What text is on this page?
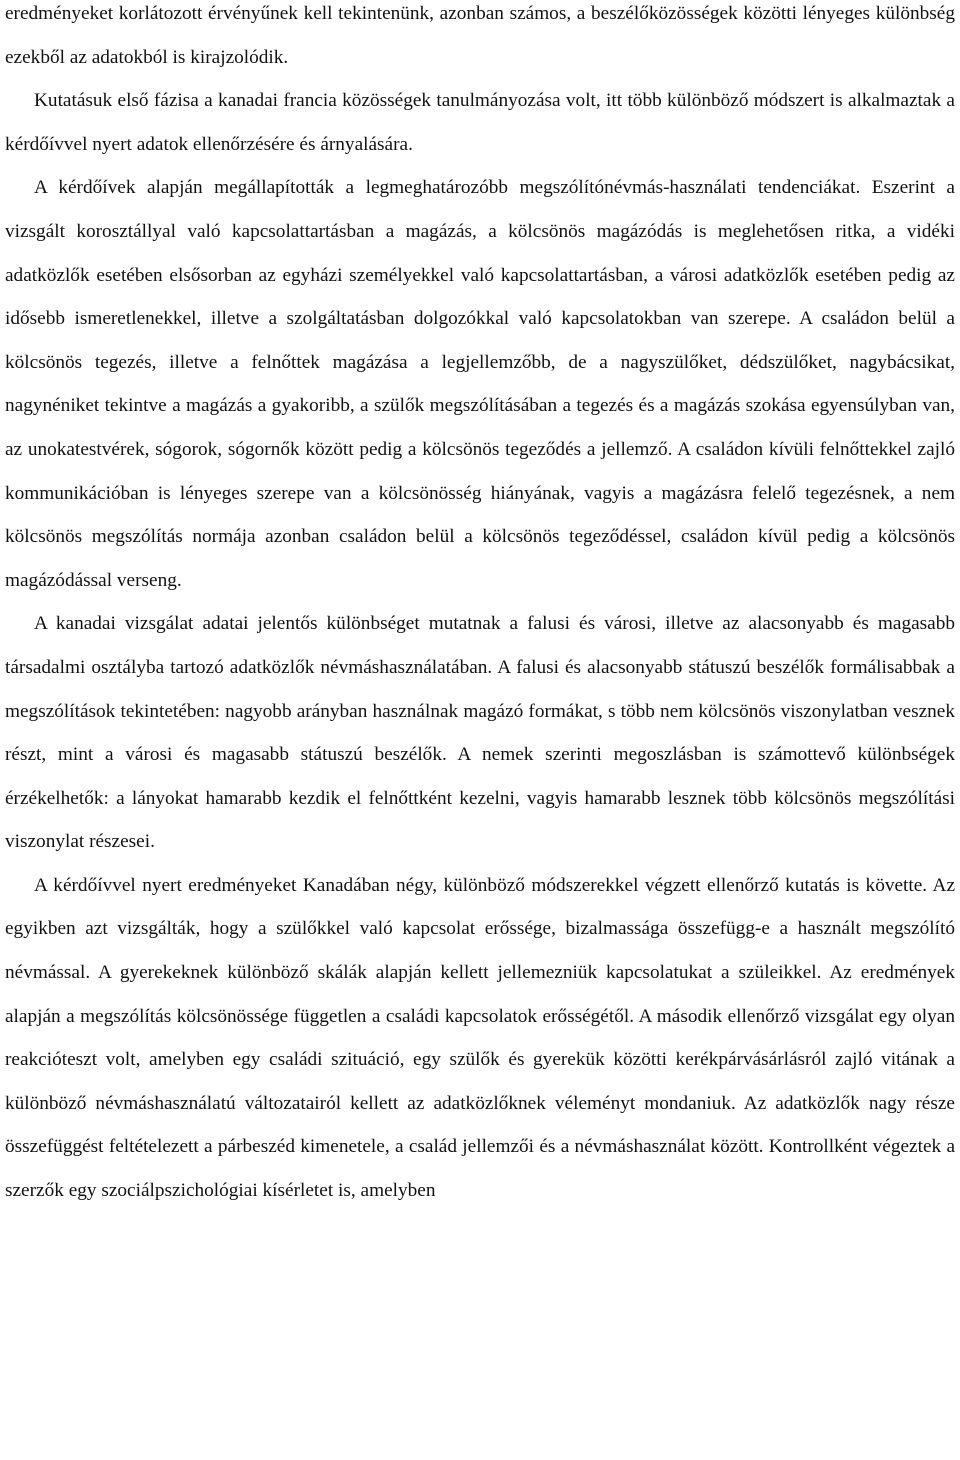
eredményeket korlátozott érvényűnek kell tekintenünk, azonban számos, a beszélőközösségek közötti lényeges különbség ezekből az adatokból is kirajzolódik.

Kutatásuk első fázisa a kanadai francia közösségek tanulmányozása volt, itt több különböző módszert is alkalmaztak a kérdőívvel nyert adatok ellenőrzésére és árnyalására.

A kérdőívek alapján megállapították a legmeghatározóbb megszólítónévmás-használati tendenciákat. Eszerint a vizsgált korosztállyal való kapcsolattartásban a magázás, a kölcsönös magázódás is meglehetősen ritka, a vidéki adatközlők esetében elsősorban az egyházi személyekkel való kapcsolattartásban, a városi adatközlők esetében pedig az idősebb ismeretlenekkel, illetve a szolgáltatásban dolgozókkal való kapcsolatokban van szerepe. A családon belül a kölcsönös tegezés, illetve a felnőttek magázása a legjellemzőbb, de a nagyszülőket, dédszülőket, nagybácsikat, nagynéniket tekintve a magázás a gyakoribb, a szülők megszólításában a tegezés és a magázás szokása egyensúlyban van, az unokatestvérek, sógorok, sógornők között pedig a kölcsönös tegeződés a jellemző. A családon kívüli felnőttekkel zajló kommunikációban is lényeges szerepe van a kölcsönösség hiányának, vagyis a magázásra felelő tegezésnek, a nem kölcsönös megszólítás normája azonban családon belül a kölcsönös tegeződéssel, családon kívül pedig a kölcsönös magázódással verseng.

A kanadai vizsgálat adatai jelentős különbséget mutatnak a falusi és városi, illetve az alacsonyabb és magasabb társadalmi osztályba tartozó adatközlők névmáshasználatában. A falusi és alacsonyabb státuszú beszélők formálisabbak a megszólítások tekintetében: nagyobb arányban használnak magázó formákat, s több nem kölcsönös viszonylatban vesznek részt, mint a városi és magasabb státuszú beszélők. A nemek szerinti megoszlásban is számottevő különbségek érzékelhetők: a lányokat hamarabb kezdik el felnőttként kezelni, vagyis hamarabb lesznek több kölcsönös megszólítási viszonylat részesei.

A kérdőívvel nyert eredményeket Kanadában négy, különböző módszerekkel végzett ellenőrző kutatás is követte. Az egyikben azt vizsgálták, hogy a szülőkkel való kapcsolat erőssége, bizalmassága összefügg-e a használt megszólító névmással. A gyerekeknek különböző skálák alapján kellett jellemezniük kapcsolatukat a szüleikkel. Az eredmények alapján a megszólítás kölcsönössége független a családi kapcsolatok erősségétől. A második ellenőrző vizsgálat egy olyan reakcióteszt volt, amelyben egy családi szituáció, egy szülők és gyerekük közötti kerékpárvásárlásról zajló vitának a különböző névmáshasználatú változatairól kellett az adatközlőknek véleményt mondaniuk. Az adatközlők nagy része összefüggést feltételezett a párbeszéd kimenetele, a család jellemzői és a névmáshasználat között. Kontrollként végeztek a szerzők egy szociálpszichológiai kísérletet is, amelyben
